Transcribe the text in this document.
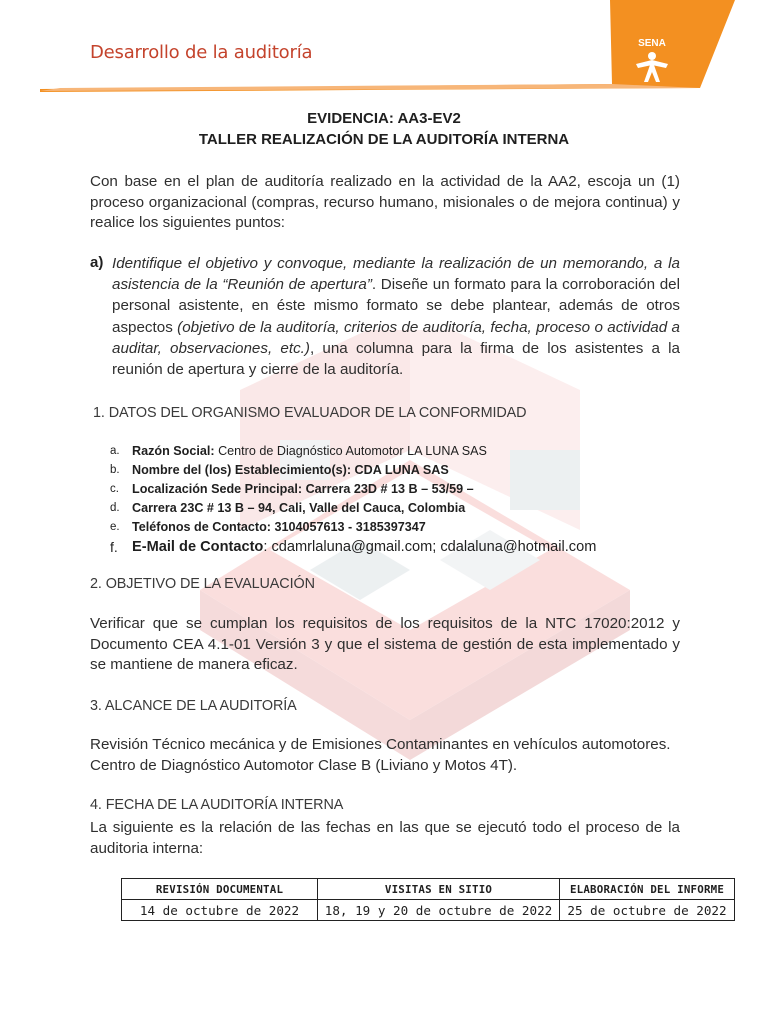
Desarrollo de la auditoría	SENA
EVIDENCIA: AA3-EV2
TALLER REALIZACIÓN DE LA AUDITORÍA INTERNA
Con base en el plan de auditoría realizado en la actividad de la AA2, escoja un (1) proceso organizacional (compras, recurso humano, misionales o de mejora continua) y realice los siguientes puntos:
a) Identifique el objetivo y convoque, mediante la realización de un memorando, a la asistencia de la “Reunión de apertura”. Diseñe un formato para la corroboración del personal asistente, en éste mismo formato se debe plantear, además de otros aspectos (objetivo de la auditoría, criterios de auditoría, fecha, proceso o actividad a auditar, observaciones, etc.), una columna para la firma de los asistentes a la reunión de apertura y cierre de la auditoría.
1. DATOS DEL ORGANISMO EVALUADOR DE LA CONFORMIDAD
a. Razón Social: Centro de Diagnóstico Automotor LA LUNA SAS
b. Nombre del (los) Establecimiento(s): CDA LUNA SAS
c. Localización Sede Principal: Carrera 23D # 13 B – 53/59 –
d. Carrera 23C # 13 B – 94, Cali, Valle del Cauca, Colombia
e. Teléfonos de Contacto: 3104057613 - 3185397347
f. E-Mail de Contacto: cdamrlaluna@gmail.com; cdalaluna@hotmail.com
2. OBJETIVO DE LA EVALUACIÓN
Verificar que se cumplan los requisitos de los requisitos de la NTC 17020:2012 y Documento CEA 4.1-01 Versión 3 y que el sistema de gestión de esta implementado y se mantiene de manera eficaz.
3. ALCANCE DE LA AUDITORÍA
Revisión Técnico mecánica y de Emisiones Contaminantes en vehículos automotores. Centro de Diagnóstico Automotor Clase B (Liviano y Motos 4T).
4. FECHA DE LA AUDITORÍA INTERNA
La siguiente es la relación de las fechas en las que se ejecutó todo el proceso de la auditoria interna:
REVISIÓN DOCUMENTAL	VISITAS EN SITIO	ELABORACIÓN DEL INFORME
14 de octubre de 2022	18, 19 y 20 de octubre de 2022	25 de octubre de 2022
